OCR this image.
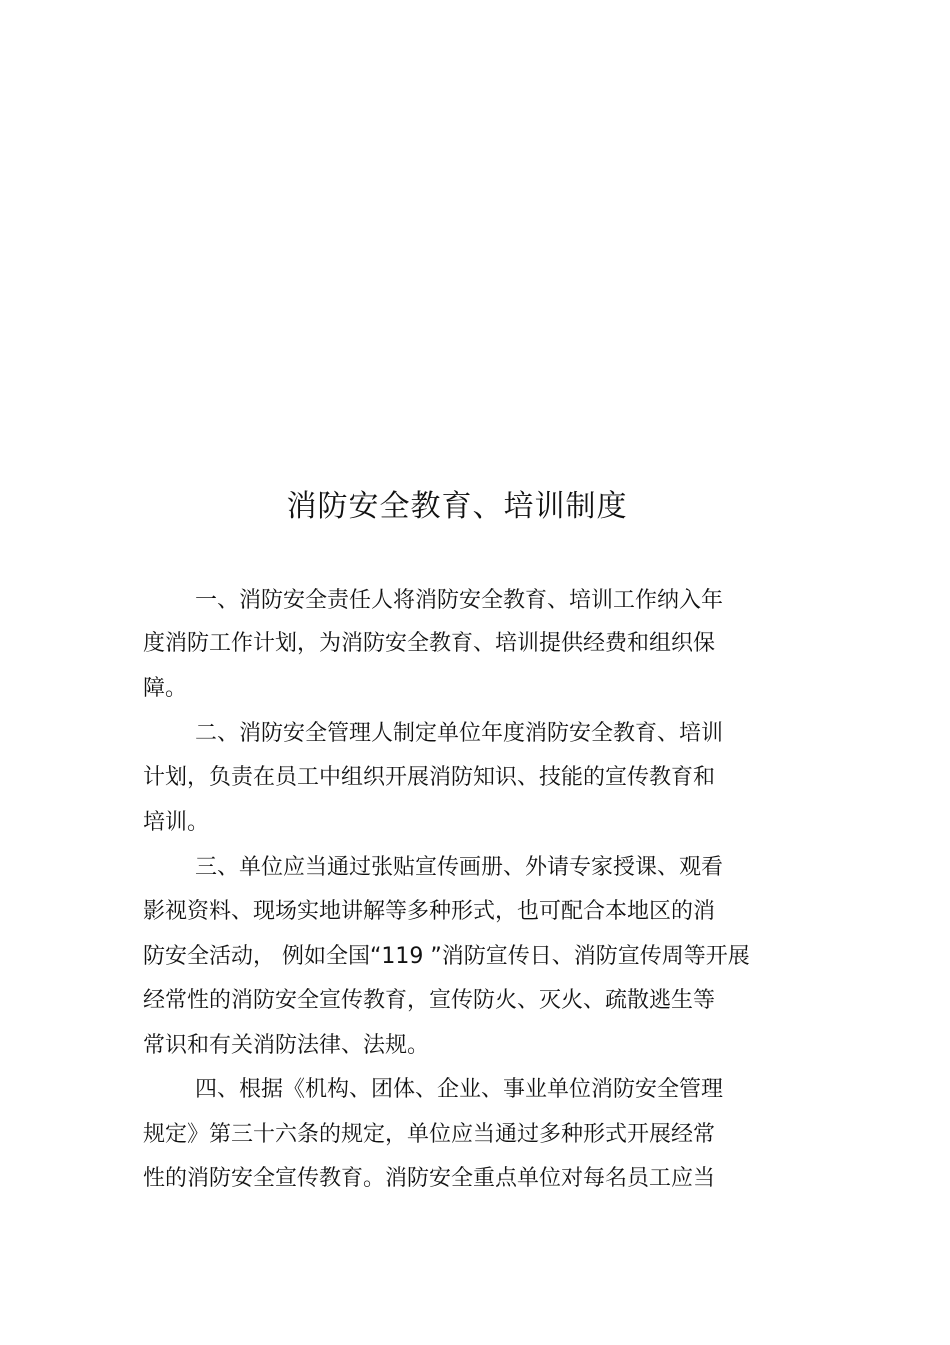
消防安全教育、培训制度
一、消防安全责任人将消防安全教育、培训工作纳入年
度消防工作计划，为消防安全教育、培训提供经费和组织保
障。
二、消防安全管理人制定单位年度消防安全教育、培训
计划，负责在员工中组织开展消防知识、技能的宣传教育和
培训。
三、单位应当通过张贴宣传画册、外请专家授课、观看
影视资料、现场实地讲解等多种形式，也可配合本地区的消
防安全活动， 例如全国“119 ”消防宣传日、消防宣传周等开展
经常性的消防安全宣传教育，宣传防火、灭火、疏散逃生等
常识和有关消防法律、法规。
四、根据《机构、团体、企业、事业单位消防安全管理
规定》第三十六条的规定，单位应当通过多种形式开展经常
性的消防安全宣传教育。消防安全重点单位对每名员工应当
